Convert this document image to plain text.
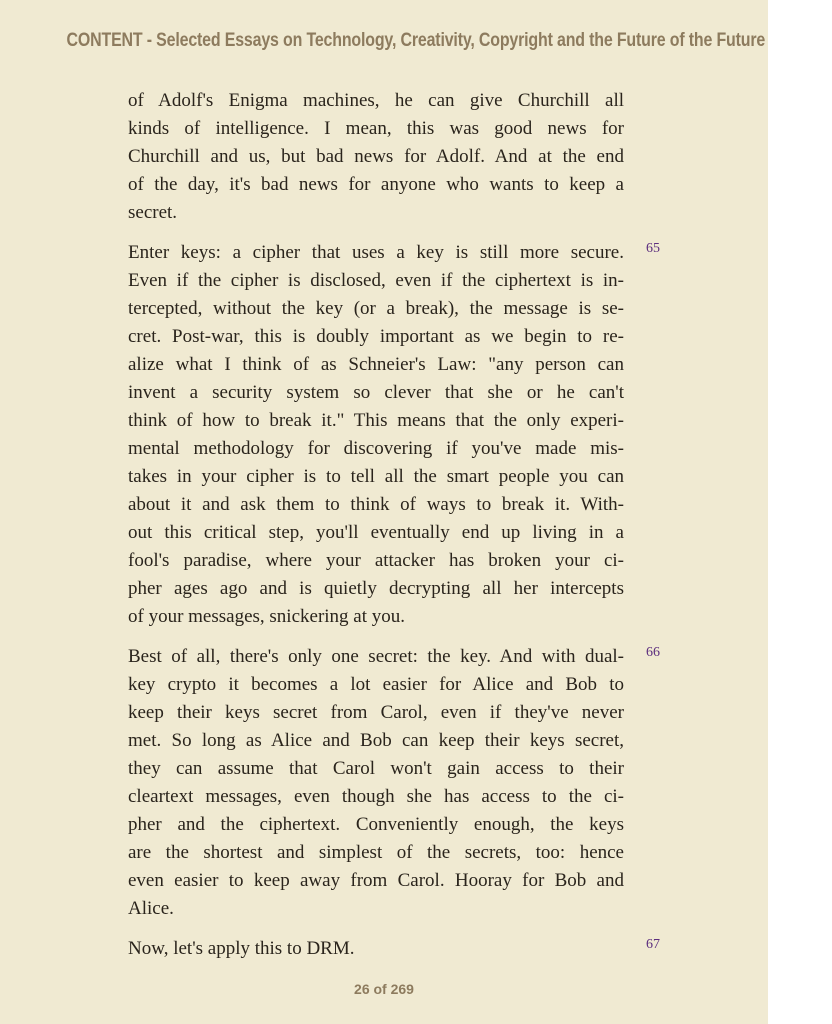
CONTENT - Selected Essays on Technology, Creativity, Copyright and the Future of the Future
of Adolf's Enigma machines, he can give Churchill all
kinds of intelligence. I mean, this was good news for
Churchill and us, but bad news for Adolf. And at the end
of the day, it's bad news for anyone who wants to keep a
secret.
Enter keys: a cipher that uses a key is still more secure.
Even if the cipher is disclosed, even if the ciphertext is in-
tercepted, without the key (or a break), the message is se-
cret. Post-war, this is doubly important as we begin to re-
alize what I think of as Schneier's Law: "any person can
invent a security system so clever that she or he can't
think of how to break it." This means that the only experi-
mental methodology for discovering if you've made mis-
takes in your cipher is to tell all the smart people you can
about it and ask them to think of ways to break it. With-
out this critical step, you'll eventually end up living in a
fool's paradise, where your attacker has broken your ci-
pher ages ago and is quietly decrypting all her intercepts
of your messages, snickering at you.
Best of all, there's only one secret: the key. And with dual-
key crypto it becomes a lot easier for Alice and Bob to
keep their keys secret from Carol, even if they've never
met. So long as Alice and Bob can keep their keys secret,
they can assume that Carol won't gain access to their
cleartext messages, even though she has access to the ci-
pher and the ciphertext. Conveniently enough, the keys
are the shortest and simplest of the secrets, too: hence
even easier to keep away from Carol. Hooray for Bob and
Alice.
Now, let's apply this to DRM.
26 of 269
65
66
67
